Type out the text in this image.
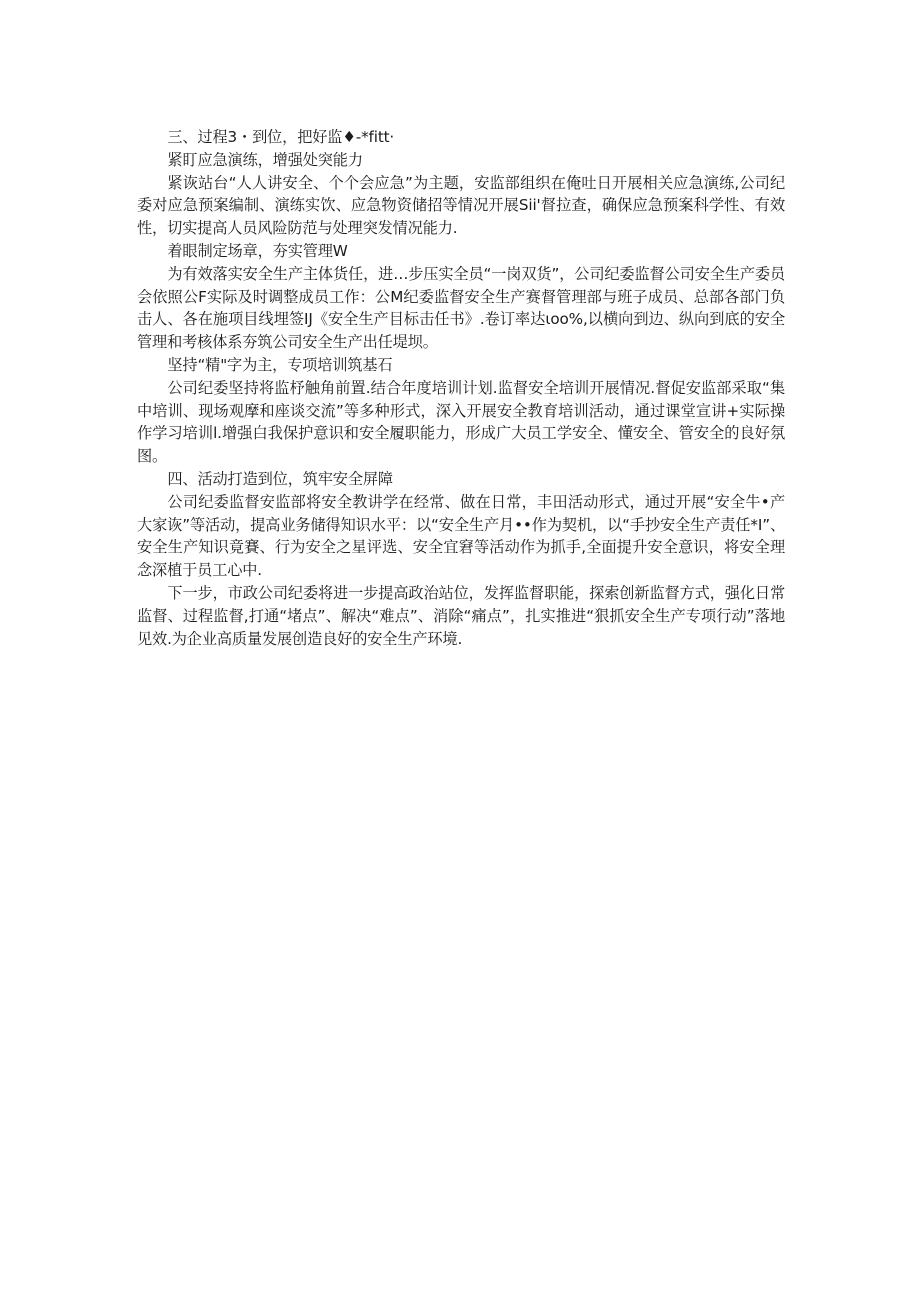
三、过程3・到位，把好监♦-*fitt·

紧盯应急演练，增强处突能力

紧诙站台“人人讲安全、个个会应急”为主题，安监部组织在俺吐日开展相关应急演练,公司纪委对应急预案编制、演练实饮、应急物资储招等情况开展Sii'督拉查，确保应急预案科学性、有效性，切实提高人员风险防范与处理突发情况能力.

着眼制定场章，夯实管理W

为有效落实安全生产主体货任，进…步压实全员“一岗双货”，公司纪委监督公司安全生产委员会依照公F实际及时调整成员工作：公M纪委监督安全生产赛督管理部与班子成员、总部各部门负击人、各在施项目线埋签IJ《安全生产目标击任书》.卷订率达ιoo%,以横向到边、纵向到底的安全管理和考核体系夯筑公司安全生产出任堤坝。

坚持“精"字为主，专项培训筑基石

公司纪委坚持将监杼触角前置.结合年度培训计划.监督安全培训开展情况.督促安监部采取“集中培训、现场观摩和座谈交流”等多种形式，深入开展安全教育培训活动，通过课堂宣讲+实际操作学习培训l.增强白我保护意识和安全履职能力，形成广大员工学安全、懂安全、管安全的良好氛图。

四、活动打造到位，筑牢安全屏障

公司纪委监督安监部将安全教讲学在经常、做在日常，丰田活动形式，通过开展“安全牛•产大家诙”等活动，提高业务储得知识水平：以“安全生产月••作为契机，以“手抄安全生产责任*I”、安全生产知识竟賽、行为安全之星评选、安全宜窘等活动作为抓手,全面提升安全意识，将安全理念深植于员工心中.

下一步，市政公司纪委将进一步提高政治站位，发挥监督职能，探索创新监督方式，强化日常监督、过程监督,打通“堵点”、解决“难点”、消除“痛点”，扎实推进“狠抓安全生产专项行动”落地见效.为企业高质量发展创造良好的安全生产环境.
